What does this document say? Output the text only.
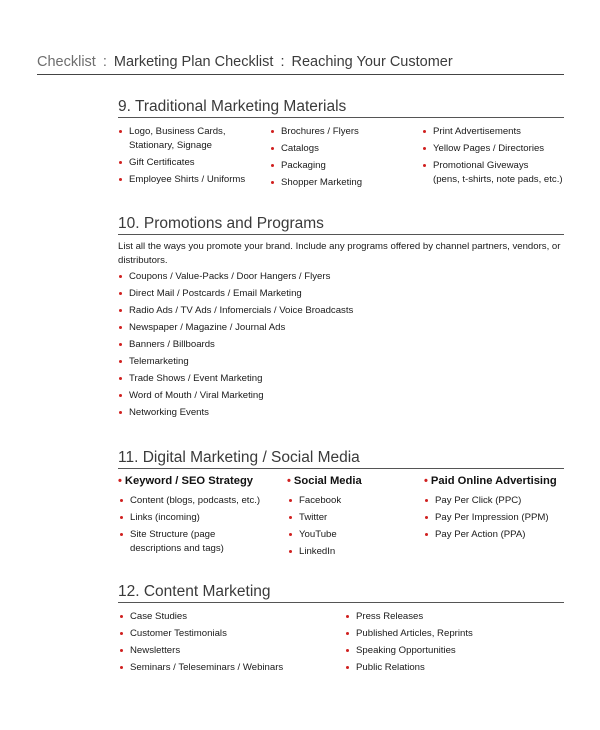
Checklist : Marketing Plan Checklist : Reaching Your Customer
9. Traditional Marketing Materials
Logo, Business Cards,
Stationary, Signage
Gift Certificates
Employee Shirts / Uniforms
Brochures / Flyers
Catalogs
Packaging
Shopper Marketing
Print Advertisements
Yellow Pages / Directories
Promotional Giveways
(pens, t-shirts, note pads, etc.)
10. Promotions and Programs
List all the ways you promote your brand. Include any programs offered by channel partners, vendors, or distributors.
Coupons / Value-Packs / Door Hangers / Flyers
Direct Mail / Postcards / Email Marketing
Radio Ads / TV Ads / Infomercials / Voice Broadcasts
Newspaper / Magazine / Journal Ads
Banners / Billboards
Telemarketing
Trade Shows / Event Marketing
Word of Mouth / Viral Marketing
Networking Events
11. Digital Marketing / Social Media
• Keyword / SEO Strategy
Content (blogs, podcasts, etc.)
Links (incoming)
Site Structure (page
descriptions and tags)
• Social Media
Facebook
Twitter
YouTube
LinkedIn
• Paid Online Advertising
Pay Per Click (PPC)
Pay Per Impression (PPM)
Pay Per Action (PPA)
12. Content Marketing
Case Studies
Customer Testimonials
Newsletters
Seminars / Teleseminars / Webinars
Press Releases
Published Articles, Reprints
Speaking Opportunities
Public Relations
